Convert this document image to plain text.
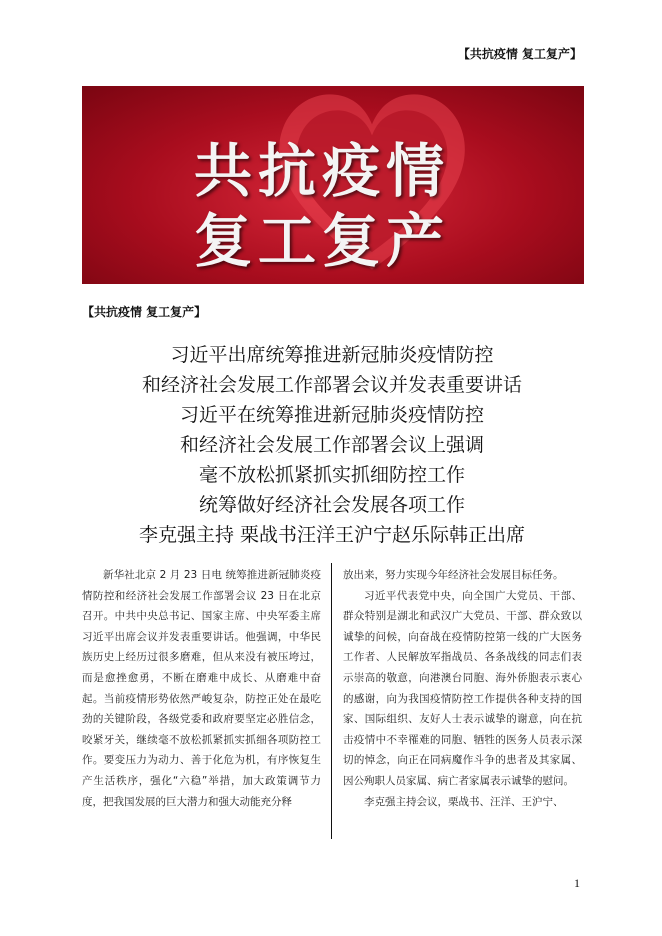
【共抗疫情 复工复产】
共抗疫情
复工复产
【共抗疫情 复工复产】
习近平出席统筹推进新冠肺炎疫情防控
和经济社会发展工作部署会议并发表重要讲话
习近平在统筹推进新冠肺炎疫情防控
和经济社会发展工作部署会议上强调
毫不放松抓紧抓实抓细防控工作
统筹做好经济社会发展各项工作
李克强主持 栗战书汪洋王沪宁赵乐际韩正出席

新华社北京 2 月 23 日电 统筹推进新冠肺炎疫情防控和经济社会发展工作部署会议 23 日在北京召开。中共中央总书记、国家主席、中央军委主席习近平出席会议并发表重要讲话。他强调，中华民族历史上经历过很多磨难，但从来没有被压垮过，而是愈挫愈勇，不断在磨难中成长、从磨难中奋起。当前疫情形势依然严峻复杂，防控正处在最吃劲的关键阶段，各级党委和政府要坚定必胜信念，咬紧牙关，继续毫不放松抓紧抓实抓细各项防控工作。要变压力为动力、善于化危为机，有序恢复生产生活秩序，强化“六稳”举措，加大政策调节力度，把我国发展的巨大潜力和强大动能充分释

放出来，努力实现今年经济社会发展目标任务。

习近平代表党中央，向全国广大党员、干部、群众特别是湖北和武汉广大党员、干部、群众致以诚挚的问候，向奋战在疫情防控第一线的广大医务工作者、人民解放军指战员、各条战线的同志们表示崇高的敬意，向港澳台同胞、海外侨胞表示衷心的感谢，向为我国疫情防控工作提供各种支持的国家、国际组织、友好人士表示诚挚的谢意，向在抗击疫情中不幸罹难的同胞、牺牲的医务人员表示深切的悼念，向正在同病魔作斗争的患者及其家属、因公殉职人员家属、病亡者家属表示诚挚的慰问。

李克强主持会议，栗战书、汪洋、王沪宁、

1
